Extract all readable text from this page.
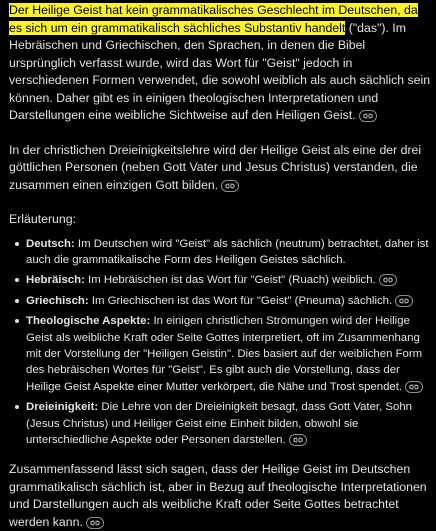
Der Heilige Geist hat kein grammatikalisches Geschlecht im Deutschen, da es sich um ein grammatikalisch sächliches Substantiv handelt ("das"). Im Hebräischen und Griechischen, den Sprachen, in denen die Bibel ursprünglich verfasst wurde, wird das Wort für "Geist" jedoch in verschiedenen Formen verwendet, die sowohl weiblich als auch sächlich sein können. Daher gibt es in einigen theologischen Interpretationen und Darstellungen eine weibliche Sichtweise auf den Heiligen Geist.

In der christlichen Dreieinigkeitslehre wird der Heilige Geist als eine der drei göttlichen Personen (neben Gott Vater und Jesus Christus) verstanden, die zusammen einen einzigen Gott bilden.

Erläuterung:

Deutsch: Im Deutschen wird "Geist" als sächlich (neutrum) betrachtet, daher ist auch die grammatikalische Form des Heiligen Geistes sächlich.
Hebräisch: Im Hebräischen ist das Wort für "Geist" (Ruach) weiblich.
Griechisch: Im Griechischen ist das Wort für "Geist" (Pneuma) sächlich.
Theologische Aspekte: In einigen christlichen Strömungen wird der Heilige Geist als weibliche Kraft oder Seite Gottes interpretiert, oft im Zusammenhang mit der Vorstellung der "Heiligen Geistin". Dies basiert auf der weiblichen Form des hebräischen Wortes für "Geist". Es gibt auch die Vorstellung, dass der Heilige Geist Aspekte einer Mutter verkörpert, die Nähe und Trost spendet.
Dreieinigkeit: Die Lehre von der Dreieinigkeit besagt, dass Gott Vater, Sohn (Jesus Christus) und Heiliger Geist eine Einheit bilden, obwohl sie unterschiedliche Aspekte oder Personen darstellen.

Zusammenfassend lässt sich sagen, dass der Heilige Geist im Deutschen grammatikalisch sächlich ist, aber in Bezug auf theologische Interpretationen und Darstellungen auch als weibliche Kraft oder Seite Gottes betrachtet werden kann.
